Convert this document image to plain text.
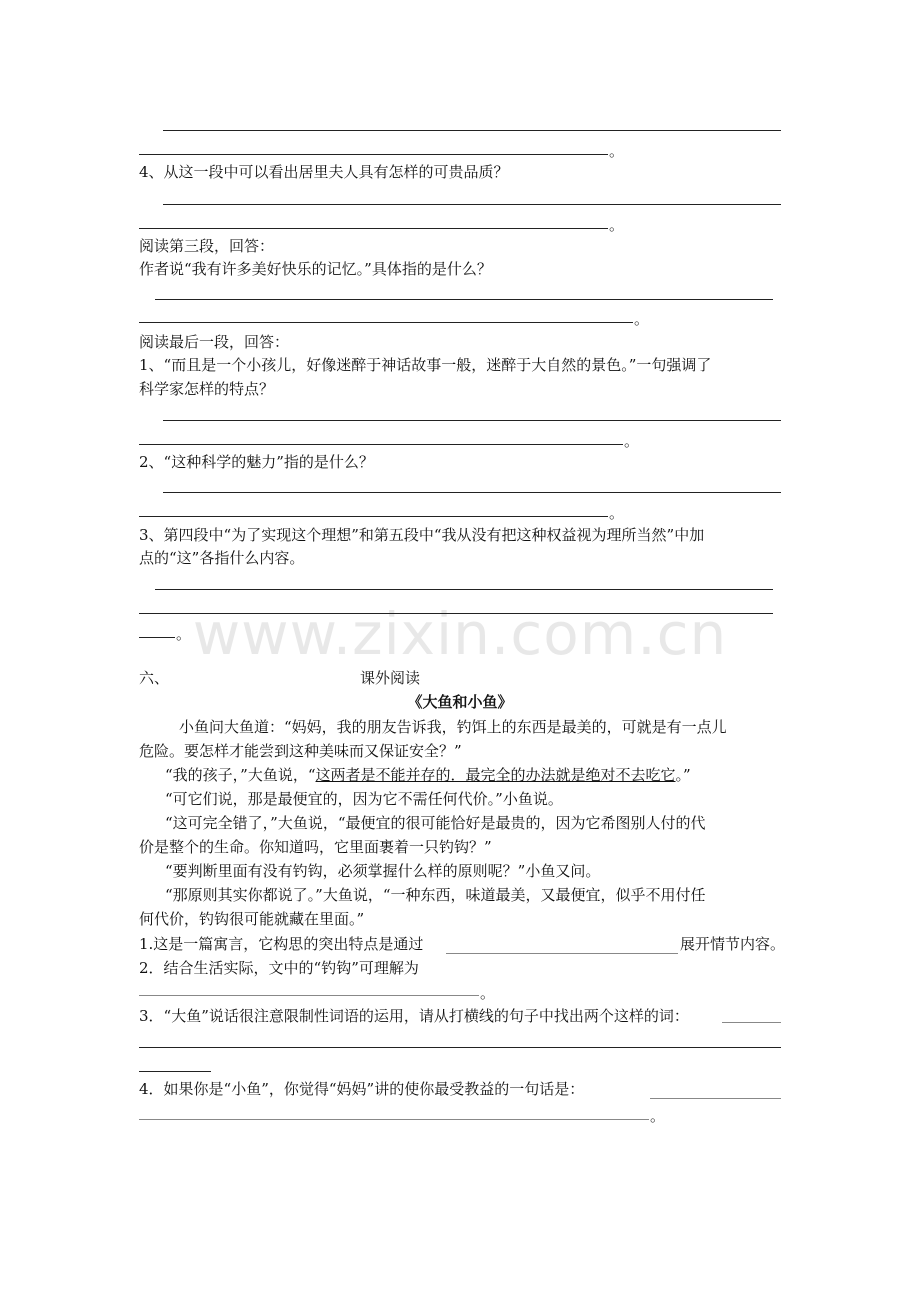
www.zixin.com.cn
。
4、从这一段中可以看出居里夫人具有怎样的可贵品质？
。
阅读第三段，回答：
作者说“我有许多美好快乐的记忆。”具体指的是什么？
。
阅读最后一段，回答：
1、“而且是一个小孩儿，好像迷醉于神话故事一般，迷醉于大自然的景色。”一句强调了
科学家怎样的特点？
。
2、“这种科学的魅力”指的是什么？
。
3、第四段中“为了实现这个理想”和第五段中“我从没有把这种权益视为理所当然”中加
点的“这”各指什么内容。
。
六、	课外阅读
《大鱼和小鱼》
小鱼问大鱼道：“妈妈，我的朋友告诉我，钓饵上的东西是最美的，可就是有一点儿
危险。要怎样才能尝到这种美味而又保证安全？”
“我的孩子，”大鱼说，“这两者是不能并存的．最完全的办法就是绝对不去吃它。”
“可它们说，那是最便宜的，因为它不需任何代价。”小鱼说。
“这可完全错了，”大鱼说，“最便宜的很可能恰好是最贵的，因为它希图别人付的代
价是整个的生命。你知道吗，它里面裹着一只钓钩？”
“要判断里面有没有钓钩，必须掌握什么样的原则呢？”小鱼又问。
“那原则其实你都说了。”大鱼说，“一种东西，味道最美，又最便宜，似乎不用付任
何代价，钓钩很可能就藏在里面。”
1.这是一篇寓言，它构思的突出特点是通过	展开情节内容。
2．结合生活实际，文中的“钓钩”可理解为
。
3．“大鱼”说话很注意限制性词语的运用，请从打横线的句子中找出两个这样的词：
4．如果你是“小鱼”，你觉得“妈妈”讲的使你最受教益的一句话是：
。
